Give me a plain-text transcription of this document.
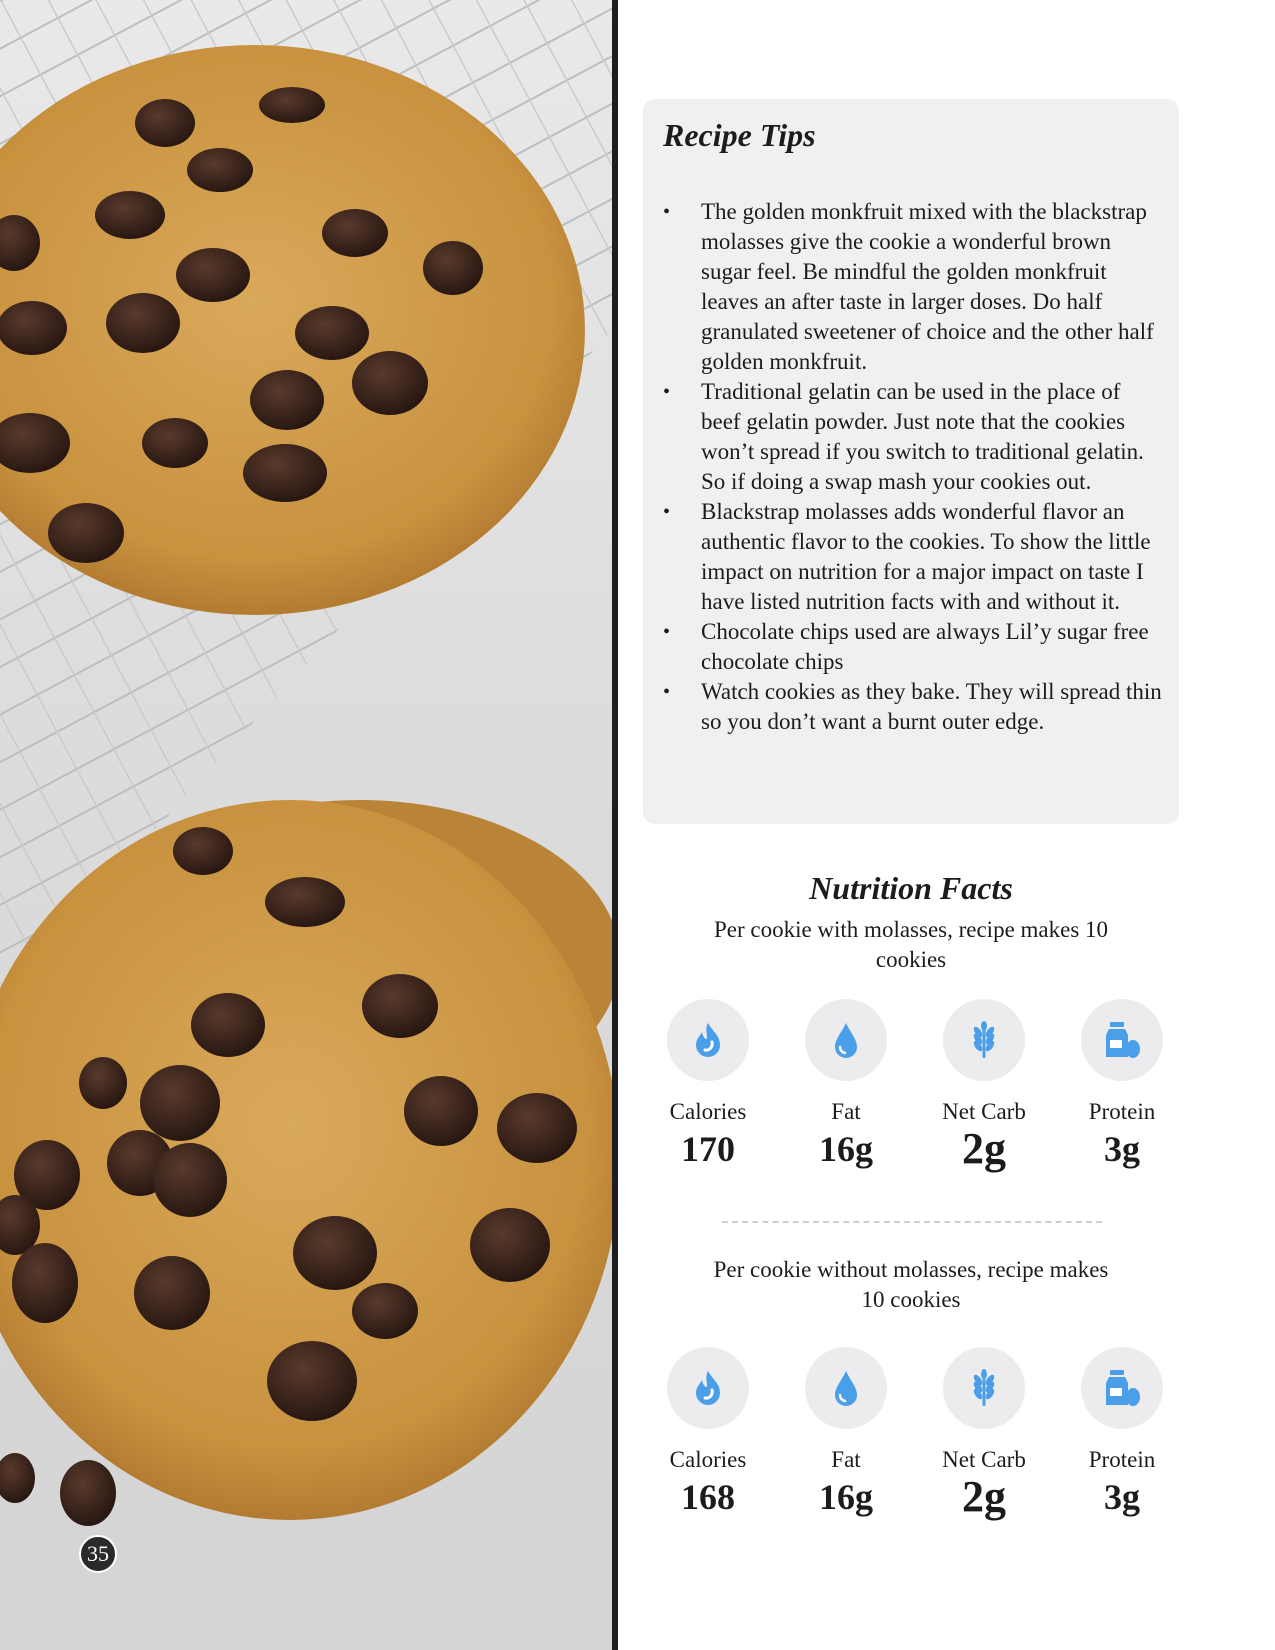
35
Recipe Tips
• The golden monkfruit mixed with the blackstrap molasses give the cookie a wonderful brown sugar feel. Be mindful the golden monkfruit leaves an after taste in larger doses. Do half granulated sweetener of choice and the other half golden monkfruit.
• Traditional gelatin can be used in the place of beef gelatin powder. Just note that the cookies won’t spread if you switch to traditional gelatin. So if doing a swap mash your cookies out.
• Blackstrap molasses adds wonderful flavor an authentic flavor to the cookies. To show the little impact on nutrition for a major impact on taste I have listed nutrition facts with and without it.
• Chocolate chips used are always Lil’y sugar free chocolate chips
• Watch cookies as they bake. They will spread thin so you don’t want a burnt outer edge.
Nutrition Facts
Per cookie with molasses, recipe makes 10 cookies
Calories
170
Fat
16g
Net Carb
2g
Protein
3g
Per cookie without molasses, recipe makes 10 cookies
Calories
168
Fat
16g
Net Carb
2g
Protein
3g
